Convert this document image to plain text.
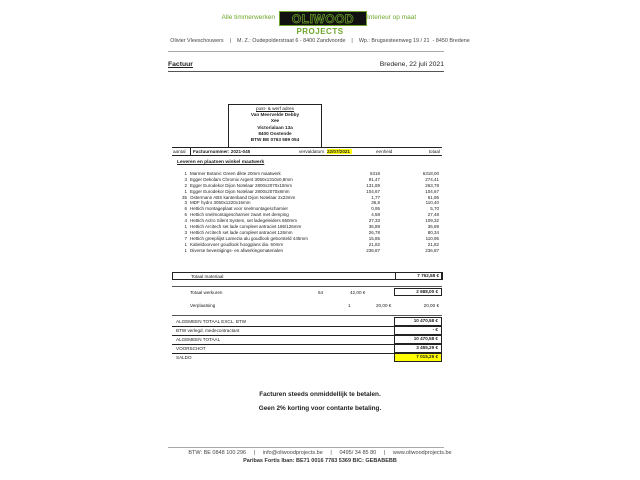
Alle timmerwerken OLIWOOD Interieur op maat
PROJECTS
Olivier Vleeschouwers    |    M. Z.: Oudepolderstraat 6 - 8400 Zandvoorde    |    Wp.: Brugsesteenweg 19 / 21  - 8450 Bredene
Factuur	Bredene, 22 juli 2021
post- & werf adres
Van Meervelde Debby
Xee
Victorialaan 13a
8400 Oostende
BTW BE 0763 589 054
aantal Factuurnummer: 2021-045	vervaldatum 22/07/2021	eenheid	totaal
Leveren en plaatsen winkel maatwerk
1 Marmer Botanic Green dikte 20mm maatwerk	6318	6318,00
3 Egger Dekolam Chromix Argent 3050x1310x0,8mm	91,47	274,41
2 Egger Eurodekor Dijon Notelaar 2800x2070x18mm	131,89	263,78
1 Egger Eurodekor Dijon Notelaar 2800x2070x8mm	104,67	104,67
35 Ostermann ABS kantenband Dijon Notelaar 2x23mm	1,77	61,95
3 MDF hydro 3050x1220x16mm	36,8	110,40
6 Hettich montageplaat voor snelmontagescharnier	0,95	5,70
6 Hettich snelmontagescharnier zwart met demping	4,58	27,48
4 Hettich Actro Silent System, set ladegeleiders 650mm	27,33	109,32
1 Hettich Arcitech set lade compleet antraciet 186/126mm	36,89	36,89
3 Hettich Arcitech set lade compleet antraciet 126mm	26,78	80,34
7 Hettich greepliijst Lamezia alu goudlook geborsteld 445mm	15,85	110,95
1 Kabeldoorvoer goudlook hoogglans dia. 60mm	21,82	21,82
1 Diverse bevestigings- en afwerkingsmaterialen	236,87	236,87
Totaal materiaal	7 762,58 €
Totaal werkuren	64	42,00 €	2 688,00 €
Verplaatsing	1	20,00 €	20,00 €
ALGEMEEN TOTAAL EXCL. BTW	10 470,58 €
BTW verlegd, medecontractant	- €
ALGEMEEN TOTAAL	10 470,58 €
VOORSCHOT	3 455,29 €
SALDO	7 015,29 €
Facturen steeds onmiddellijk te betalen.
Geen 2% korting voor contante betaling.
BTW: BE 0848 100 296     |     info@oliwoodprojects.be     |     0495/ 34 85 80     |     www.oliwoodprojects.be
Paribas Fortis Iban: BE71 0016 7783 5369 BIC: GEBABEBB
